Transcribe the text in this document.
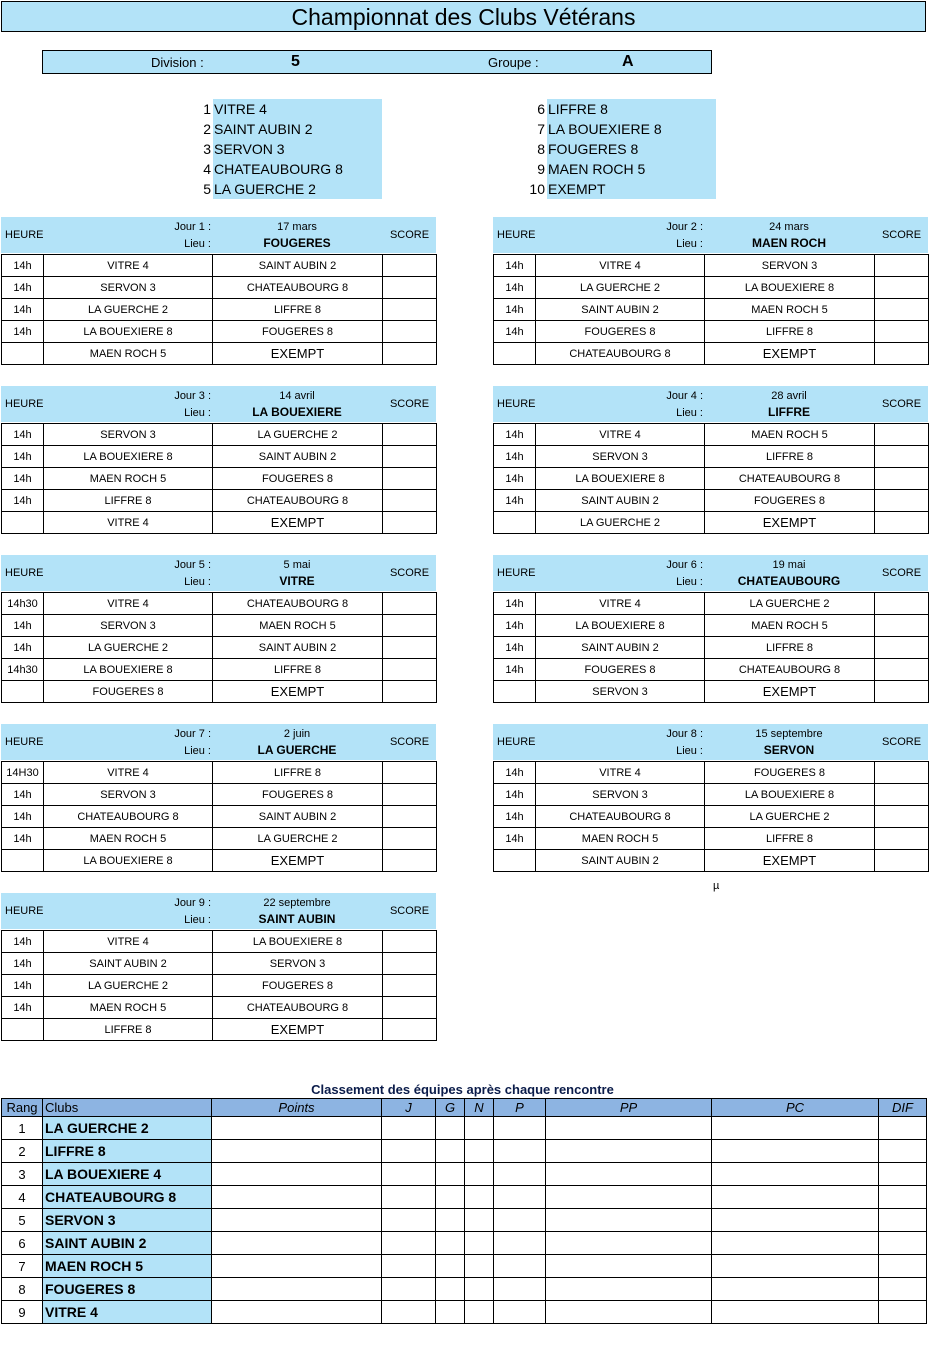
Championnat des Clubs Vétérans
Division :	5	Groupe :	A
1 VITRE 4
2 SAINT AUBIN 2
3 SERVON 3
4 CHATEAUBOURG 8
5 LA GUERCHE 2
6 LIFFRE 8
7 LA BOUEXIERE 8
8 FOUGERES 8
9 MAEN ROCH 5
10 EXEMPT
HEURE
Jour 1 :
Lieu :
17 mars
FOUGERES
SCORE
14h	VITRE 4	SAINT AUBIN 2	
14h	SERVON 3	CHATEAUBOURG 8	
14h	LA GUERCHE 2	LIFFRE 8	
14h	LA BOUEXIERE 8	FOUGERES 8	
	MAEN ROCH 5	EXEMPT	
HEURE
Jour 2 :
Lieu :
24 mars
MAEN ROCH
SCORE
14h	VITRE 4	SERVON 3	
14h	LA GUERCHE 2	LA BOUEXIERE 8	
14h	SAINT AUBIN 2	MAEN ROCH 5	
14h	FOUGERES 8	LIFFRE 8	
	CHATEAUBOURG 8	EXEMPT	
HEURE
Jour 3 :
Lieu :
14 avril
LA BOUEXIERE
SCORE
14h	SERVON 3	LA GUERCHE 2	
14h	LA BOUEXIERE 8	SAINT AUBIN 2	
14h	MAEN ROCH 5	FOUGERES 8	
14h	LIFFRE 8	CHATEAUBOURG 8	
	VITRE 4	EXEMPT	
HEURE
Jour 4 :
Lieu :
28 avril
LIFFRE
SCORE
14h	VITRE 4	MAEN ROCH 5	
14h	SERVON 3	LIFFRE 8	
14h	LA BOUEXIERE 8	CHATEAUBOURG 8	
14h	SAINT AUBIN 2	FOUGERES 8	
	LA GUERCHE 2	EXEMPT	
HEURE
Jour 5 :
Lieu :
5 mai
VITRE
SCORE
14h30	VITRE 4	CHATEAUBOURG 8	
14h	SERVON 3	MAEN ROCH 5	
14h	LA GUERCHE 2	SAINT AUBIN 2	
14h30	LA BOUEXIERE 8	LIFFRE 8	
	FOUGERES 8	EXEMPT	
HEURE
Jour 6 :
Lieu :
19 mai
CHATEAUBOURG
SCORE
14h	VITRE 4	LA GUERCHE 2	
14h	LA BOUEXIERE 8	MAEN ROCH 5	
14h	SAINT AUBIN 2	LIFFRE 8	
14h	FOUGERES 8	CHATEAUBOURG 8	
	SERVON 3	EXEMPT	
HEURE
Jour 7 :
Lieu :
2 juin
LA GUERCHE
SCORE
14H30	VITRE 4	LIFFRE 8	
14h	SERVON 3	FOUGERES 8	
14h	CHATEAUBOURG 8	SAINT AUBIN 2	
14h	MAEN ROCH 5	LA GUERCHE 2	
	LA BOUEXIERE 8	EXEMPT	
HEURE
Jour 8 :
Lieu :
15 septembre
SERVON
SCORE
14h	VITRE 4	FOUGERES 8	
14h	SERVON 3	LA BOUEXIERE 8	
14h	CHATEAUBOURG 8	LA GUERCHE 2	
14h	MAEN ROCH 5	LIFFRE 8	
	SAINT AUBIN 2	EXEMPT	
HEURE
Jour 9 :
Lieu :
22 septembre
SAINT AUBIN
SCORE
14h	VITRE 4	LA BOUEXIERE 8	
14h	SAINT AUBIN 2	SERVON 3	
14h	LA GUERCHE 2	FOUGERES 8	
14h	MAEN ROCH 5	CHATEAUBOURG 8	
	LIFFRE 8	EXEMPT	
µ
Classement des équipes après chaque rencontre
Rang	Clubs	Points	J	G	N	P	PP	PC	DIF
1	LA GUERCHE 2								
2	LIFFRE 8								
3	LA BOUEXIERE 4								
4	CHATEAUBOURG 8								
5	SERVON 3								
6	SAINT AUBIN 2								
7	MAEN ROCH 5								
8	FOUGERES 8								
9	VITRE 4								
